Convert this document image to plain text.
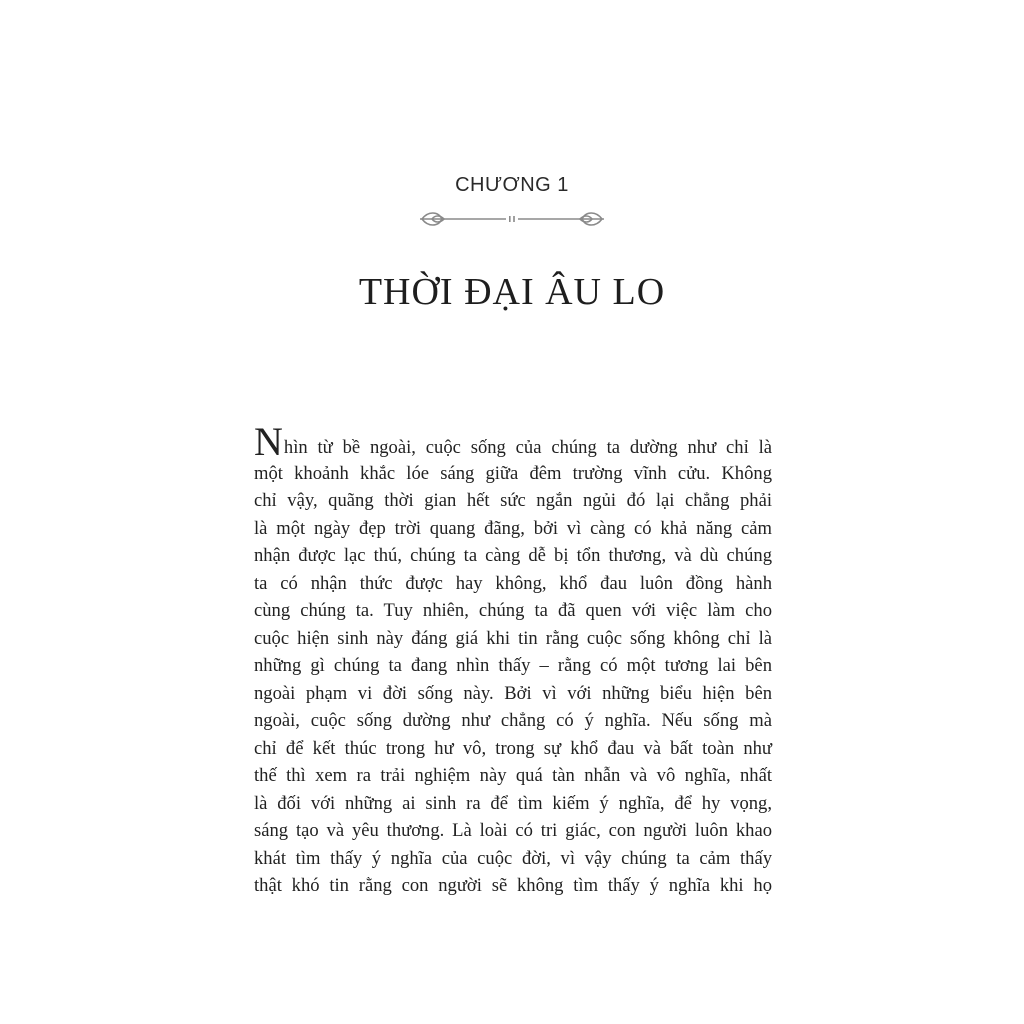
CHƯƠNG 1
THỜI ĐẠI ÂU LO
Nhìn từ bề ngoài, cuộc sống của chúng ta dường như chỉ là
một khoảnh khắc lóe sáng giữa đêm trường vĩnh cửu. Không
chỉ vậy, quãng thời gian hết sức ngắn ngủi đó lại chẳng phải
là một ngày đẹp trời quang đãng, bởi vì càng có khả năng cảm
nhận được lạc thú, chúng ta càng dễ bị tổn thương, và dù chúng
ta có nhận thức được hay không, khổ đau luôn đồng hành
cùng chúng ta. Tuy nhiên, chúng ta đã quen với việc làm cho
cuộc hiện sinh này đáng giá khi tin rằng cuộc sống không chỉ là
những gì chúng ta đang nhìn thấy – rằng có một tương lai bên
ngoài phạm vi đời sống này. Bởi vì với những biểu hiện bên
ngoài, cuộc sống dường như chẳng có ý nghĩa. Nếu sống mà
chỉ để kết thúc trong hư vô, trong sự khổ đau và bất toàn như
thế thì xem ra trải nghiệm này quá tàn nhẫn và vô nghĩa, nhất
là đối với những ai sinh ra để tìm kiếm ý nghĩa, để hy vọng,
sáng tạo và yêu thương. Là loài có tri giác, con người luôn khao
khát tìm thấy ý nghĩa của cuộc đời, vì vậy chúng ta cảm thấy
thật khó tin rằng con người sẽ không tìm thấy ý nghĩa khi họ
